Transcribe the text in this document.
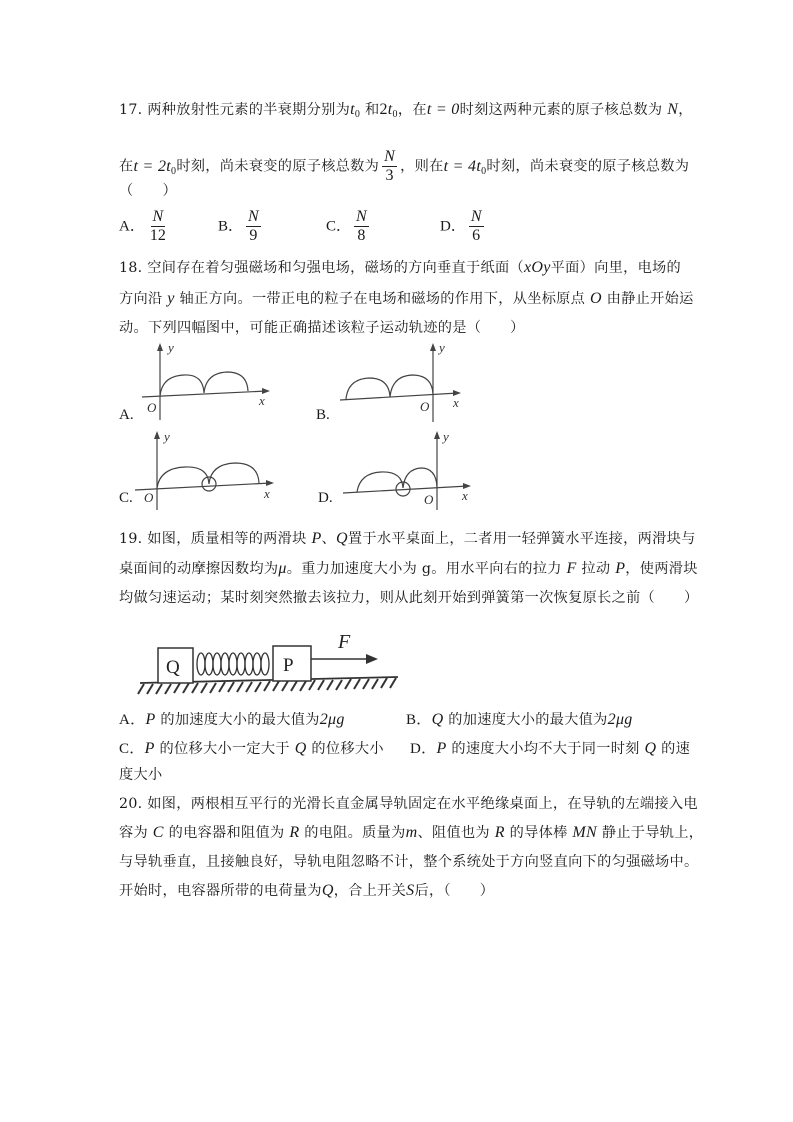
17. 两种放射性元素的半衰期分别为$t_0$ 和$2t_0$，在t = 0时刻这两种元素的原子核总数为 N，
在$t = 2t_0$时刻，尚未衰变的原子核总数为 $\frac{N}{3}$ ，则在$t = 4t_0$时刻，尚未衰变的原子核总数为
（　　）
A． $\frac{N}{12}$	B． $\frac{N}{9}$	C． $\frac{N}{8}$	D． $\frac{N}{6}$
18. 空间存在着匀强磁场和匀强电场，磁场的方向垂直于纸面（xOy平面）向里，电场的
方向沿 y 轴正方向。一带正电的粒子在电场和磁场的作用下，从坐标原点 O 由静止开始运
动。下列四幅图中，可能正确描述该粒子运动轨迹的是（　　）
A.
y
x
O	B.
y
x
O
C.
y
x
O	D.
y
x
O
19. 如图，质量相等的两滑块 P、Q置于水平桌面上，二者用一轻弹簧水平连接，两滑块与
桌面间的动摩擦因数均为μ。重力加速度大小为 g。用水平向右的拉力 F 拉动 P，使两滑块
均做匀速运动；某时刻突然撤去该拉力，则从此刻开始到弹簧第一次恢复原长之前（　　）
Q	P
F
A．P 的加速度大小的最大值为2μg	B．Q 的加速度大小的最大值为2μg
C．P 的位移大小一定大于 Q 的位移大小 D．P 的速度大小均不大于同一时刻 Q 的速
度大小
20. 如图，两根相互平行的光滑长直金属导轨固定在水平绝缘桌面上，在导轨的左端接入电
容为 C 的电容器和阻值为 R 的电阻。质量为m、阻值也为 R 的导体棒 MN 静止于导轨上，
与导轨垂直，且接触良好，导轨电阻忽略不计，整个系统处于方向竖直向下的匀强磁场中。
开始时，电容器所带的电荷量为Q，合上开关S后，（　　）
